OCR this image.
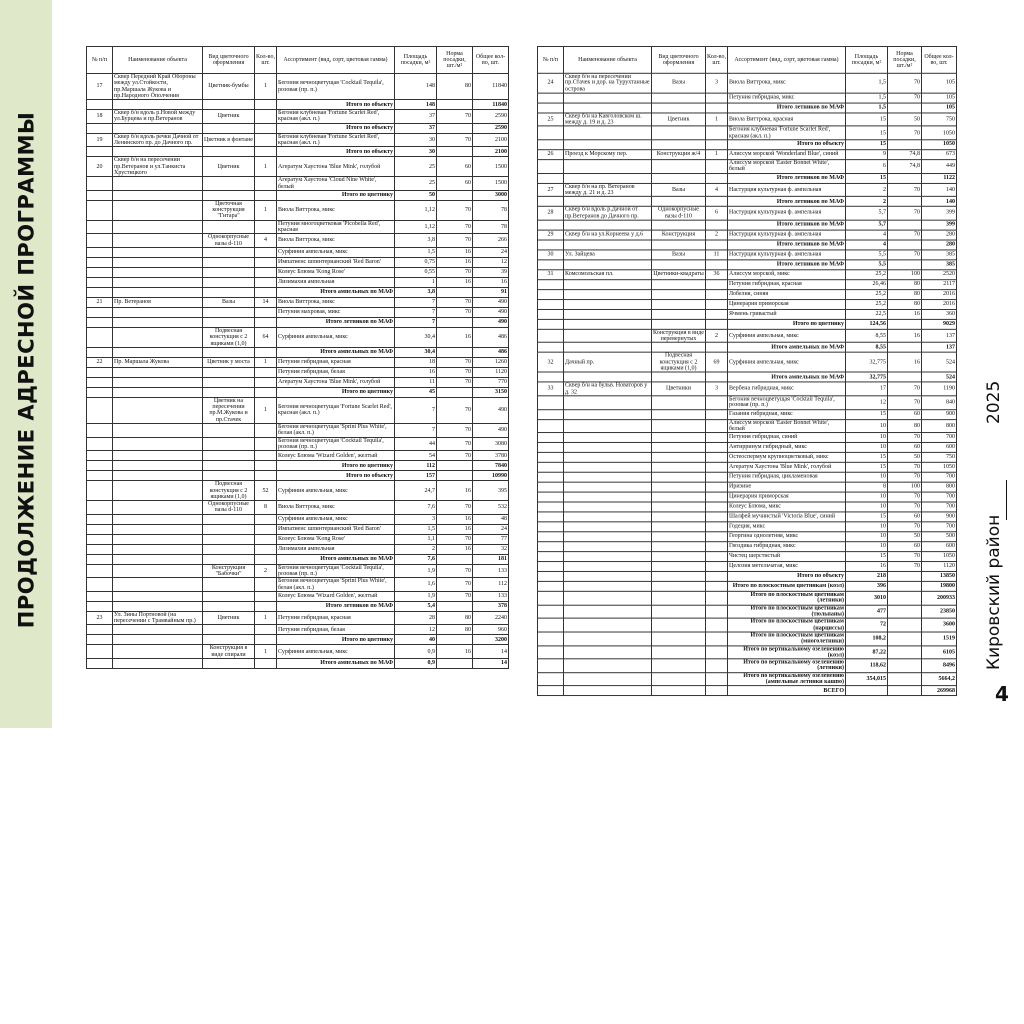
ПРОДОЛЖЕНИЕ АДРЕСНОЙ ПРОГРАММЫ	2025
Кировский район
4
№ п/п	Наименование объекта	Вид цветочного оформления	Кол-во, шт.	Ассортимент (вид, сорт, цветовая гамма)	Площадь посадки, м²	Норма посадки, шт./м²	Общее кол-во, шт.
17	Сквер Передний Край Обороны между ул.Стойкости, пр.Маршала Жукова и пр.Народного Ополчения	Цветник-бумбы	1	Бегония вечноцветущая 'Cocktail Tequila', розовая (пр. п.)	148	80	11840
				Итого по объекту	148		11840
18	Сквер б/н вдоль р.Новой между ул.Бурцева и пр.Ветеранов	Цветник		Бегония клубневая 'Fortune Scarlet Red', красная (акл. п.)	37	70	2590
				Итого по объекту	37		2590
19	Сквер б/н вдоль речки Дачной от Ленинского пр. до Дачного пр.	Цветник в фонтане		Бегония клубневая 'Fortune Scarlet Red', красная (акл. п.)	30	70	2100
				Итого по объекту	30		2100
20	Сквер б/н на пересечении пр.Ветеранов и ул.Танкиста Хрустицкого	Цветник	1	Агератум Хаустона 'Blue Mink', голубой	25	60	1500
				Агератум Хаустона 'Cloud Nine White', белый	25	60	1500
				Итого по цветнику	50		3000
		Цветочная конструкция "Гитара"	1	Виола Виттрока, микс	1,12	70	78
				Петуния многоцветковая 'Picobella Red', красная	1,12	70	78
		Однокорпусные вазы d-110	4	Виола Виттрока, микс	3,8	70	266
				Сурфиния ампельная, микс	1,5	16	24
				Импатиенс шпинтерианский 'Red Baron'	0,75	16	12
				Колеус Блюма 'Kong Rose'	0,55	70	39
				Лизимахия ампельная	1	16	16
				Итого ампельных по МАФ	3,8		91
21	Пр. Ветеранов	Вазы	14	Виола Виттрока, микс	7	70	490
				Петуния махровая, микс	7	70	490
				Итого летников по МАФ	7		490
		Подвесная констукция с 2 ящиками (1,0)	64	Сурфиния ампельная, микс	30,4	16	486
				Итого ампельных по МАФ	30,4		486
22	Пр. Маршала Жукова	Цветник у моста	1	Петуния гибридная, красная	18	70	1260
				Петуния гибридная, белая	16	70	1120
				Агератум Хаустона 'Blue Mink', голубой	11	70	770
				Итого по цветнику	45		3150
		Цветник на пересечении пр.М.Жукова и пр.Стачек	1	Бегония вечноцветущая 'Fortune Scarlet Red', красная (акл. п.)	7	70	490
				Бегония вечноцветущая 'Sprint Plus White', белая (акл. п.)	7	70	490
				Бегония вечноцветущая 'Cocktail Tequila', розовая (пр. п.)	44	70	3080
				Колеус Блюма 'Wizard Golden', желтый	54	70	3780
				Итого по цветнику	112		7840
				Итого по объекту	157		10990
		Подвесная констукция с 2 ящиками (1,0)	52	Сурфиния ампельная, микс	24,7	16	395
		Однокорпусные вазы d-110	8	Виола Виттрока, микс	7,6	70	532
				Сурфиния ампельная, микс	3	16	48
				Импатиенс шпинтерианский 'Red Baron'	1,5	16	24
				Колеус Блюма 'Kong Rose'	1,1	70	77
				Лизимахия ампельная	2	16	32
				Итого ампельных по МАФ	7,6		181
		Конструкция "Бабочки"	2	Бегония вечноцветущая 'Cocktail Tequila', розовая (пр. п.)	1,9	70	133
				Бегония вечноцветущая 'Sprint Plus White', белая (акл. п.)	1,6	70	112
				Колеус Блюма 'Wizard Golden', желтый	1,9	70	133
				Итого летников по МАФ	5,4		378
23	Ул. Зины Портновой (на пересечении с Трамвайным пр.)	Цветник	1	Петуния гибридная, красная	28	80	2240
				Петуния гибридная, белая	12	80	960
				Итого по цветнику	40		3200
		Конструкция в виде спирали	1	Сурфиния ампельная, микс	0,9	16	14
				Итого ампельных по МАФ	0,9		14
№ п/п	Наименование объекта	Вид цветочного оформления	Кол-во, шт.	Ассортимент (вид, сорт, цветовая гамма)	Площадь посадки, м²	Норма посадки, шт./м²	Общее кол-во, шт.
24	Сквер б/н на пересечении пр.Стачек и дор. на Турухтанные острова	Вазы	3	Виола Виттрока, микс	1,5	70	105
				Петуния гибридная, микс	1,5	70	105
				Итого летников по МАФ	1,5		105
25	Сквер б/н на Кавголовском ш. между д. 19 и д. 23	Цветник	1	Виола Виттрока, красная	15	50	750
				Бегония клубневая 'Fortune Scarlet Red', красная (акл. п.)	15	70	1050
				Итого по объекту	15		1050
26	Проезд к Морскому пер.	Конструкция ж/4	1	Алиссум морской 'Wonderland Blue', синий	9	74,8	673
				Алиссум морской 'Easter Bonnet White', белый	6	74,8	449
				Итого летников по МАФ	15		1122
27	Сквер б/н на пр. Ветеранов между д. 21 и д. 23	Вазы	4	Настурция культурная ф. ампельная	2	70	140
				Итого летников по МАФ	2		140
28	Сквер б/н вдоль р.Дачной от пр.Ветеранов до Дачного пр.	Однокорпусные вазы d-110	6	Настурция культурная ф. ампельная	5,7	70	399
				Итого летников по МАФ	5,7		399
29	Сквер б/н на ул.Корнеева у д.6	Конструкция	2	Настурция культурная ф. ампельная	4	70	280
				Итого летников по МАФ	4		280
30	Ул. Зайцева	Вазы	11	Настурция культурная ф. ампельная	5,5	70	385
				Итого летников по МАФ	5,5		385
31	Комсомольская пл.	Цветники-квадраты	36	Алиссум морской, микс	25,2	100	2520
				Петуния гибридная, красная	26,46	80	2117
				Лобелия, синяя	25,2	80	2016
				Цинерария приморская	25,2	80	2016
				Ячмень гривастый	22,5	16	360
				Итого по цветнику	124,56		9029
		Конструкция в виде перевернутых	2	Сурфиния ампельная, микс	8,55	16	137
				Итого ампельных по МАФ	8,55		137
32	Дачный пр.	Подвесная констукция с 2 ящиками (1,0)	69	Сурфиния ампельная, микс	32,775	16	524
				Итого ампельных по МАФ	32,775		524
33	Сквер б/н на бульв. Новаторов у д. 32	Цветники	3	Вербена гибридная, микс	17	70	1190
				Бегония вечноцветущая 'Cocktail Tequila', розовая (пр. п.)	12	70	840
				Газания гибридная, микс	15	60	900
				Алиссум морской 'Easter Bonnet White', белый	10	80	800
				Петуния гибридная, синий	10	70	700
				Антирринум гибридный, микс	10	60	600
				Остеоспермум крупноцветковый, микс	15	50	750
				Агератум Хаустона 'Blue Mink', голубой	15	70	1050
				Петуния гибридная, цикламеновая	10	70	700
				Ириэине	8	100	800
				Цинерария приморская	10	70	700
				Колеус Блюма, микс	10	70	700
				Шалфей мучнистый 'Victoria Blue', синий	15	60	900
				Годеция, микс	10	70	700
				Георгина однолетняя, микс	10	50	500
				Гвоздика гибридная, микс	10	60	600
				Чистец шерстистый	15	70	1050
				Целозия метельчатая, микс	16	70	1120
				Итого по объекту	218		13850
				Итого по плоскостным цветникам (коэл)	396		19800
				Итого по плоскостным цветникам (летники)	3010		200933
				Итого по плоскостным цветникам (тюльпаны)	477		23850
				Итого по плоскостным цветникам (нарциссы)	72		3600
				Итого по плоскостным цветникам (многолетники)	108,2		1519
				Итого по вертикальному озеленению (коэл)	87,22		6105
				Итого по вертикальному озеленению (летники)	118,62		8496
				Итого по вертикальному озеленению (ампельные летники кашпо)	354,015		5664,2
				ВСЕГО			269968
